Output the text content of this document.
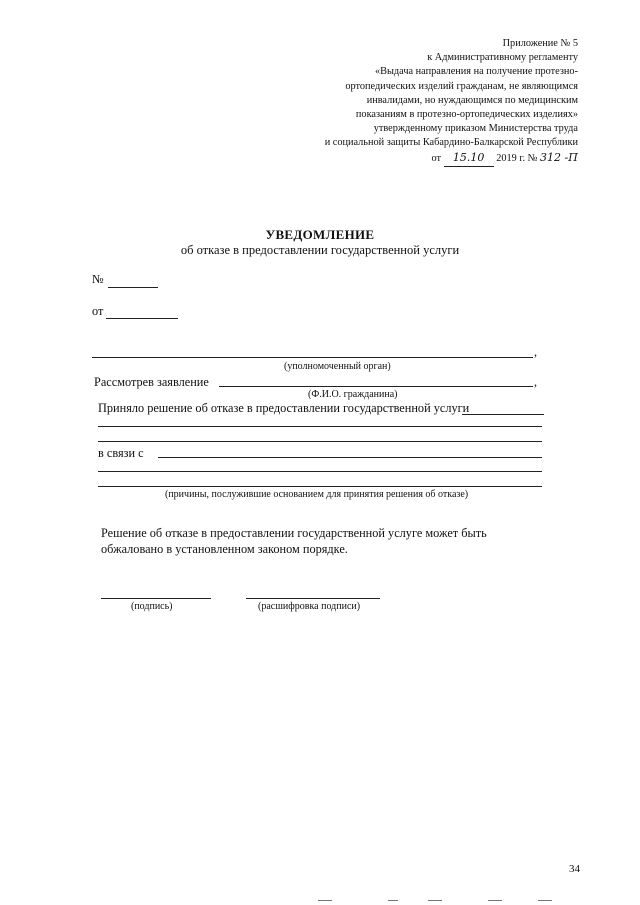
Приложение № 5
к Административному регламенту
«Выдача направления на получение протезно-
ортопедических изделий гражданам, не являющимся
инвалидами, но нуждающимся по медицинским
показаниям в протезно-ортопедических изделиях»
утвержденному приказом Министерства труда
и социальной защиты Кабардино-Балкарской Республики
от 15.10 2019 г. № 312 -П
УВЕДОМЛЕНИЕ
об отказе в предоставлении государственной услуги
№
от
,
(уполномоченный орган)
Рассмотрев заявление	,
(Ф.И.О. гражданина)
Приняло решение об отказе в предоставлении государственной услуги
в связи с
(причины, послужившие основанием для принятия решения об отказе)
Решение об отказе в предоставлении государственной услуге может быть
обжаловано в установленном законом порядке.
(подпись)	(расшифровка подписи)
34
